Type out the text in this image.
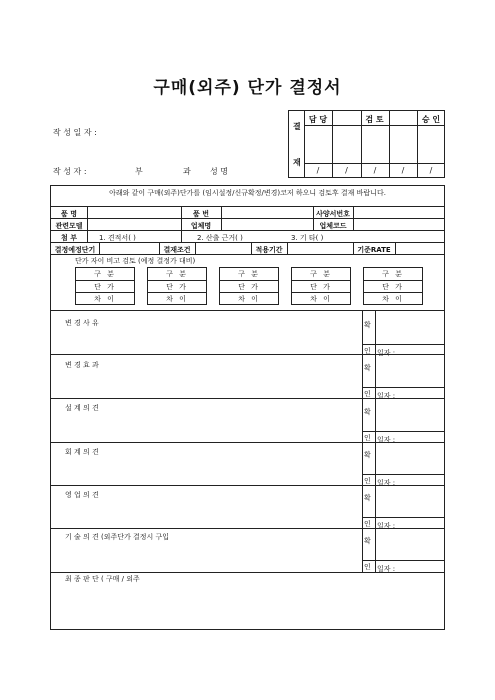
구매(외주) 단가 결정서
작 성 일 자 :
작 성 자 :	부	과 성 명
결
재
담 당	검 토	승 인
/	/	/	/	/
아래와 같이 구매(외주)단가를 (임시설정/신규확정/변경)코저 하오니 검토후 결재 바랍니다.
품 명	품 번	사양서번호
관련모델	업체명	업체코드
첨 부	1. 견적서( )	2. 산출 근거( )	3. 기 타( )
결정예정단기	결재조건	적용기간	기준RATE
단가 자이 비고 검토 (예정 결정가 대비)
구 분
단 가
차 이
구 분
단 가
차 이
구 분
단 가
차 이
구 분
단 가
차 이
구 분
단 가
차 이
변 경 사 유	확
인 일자 :
변 경 효 과	확
인 일자 :
설 계 의 견	확
인 일자 :
회 계 의 견	확
인 일자 :
영 업 의 견	확
인 일자 :
기 술 의 견 (외주단가 결정시 구입	확
인 일자 :
최 종 판 단 ( 구매 / 외주
